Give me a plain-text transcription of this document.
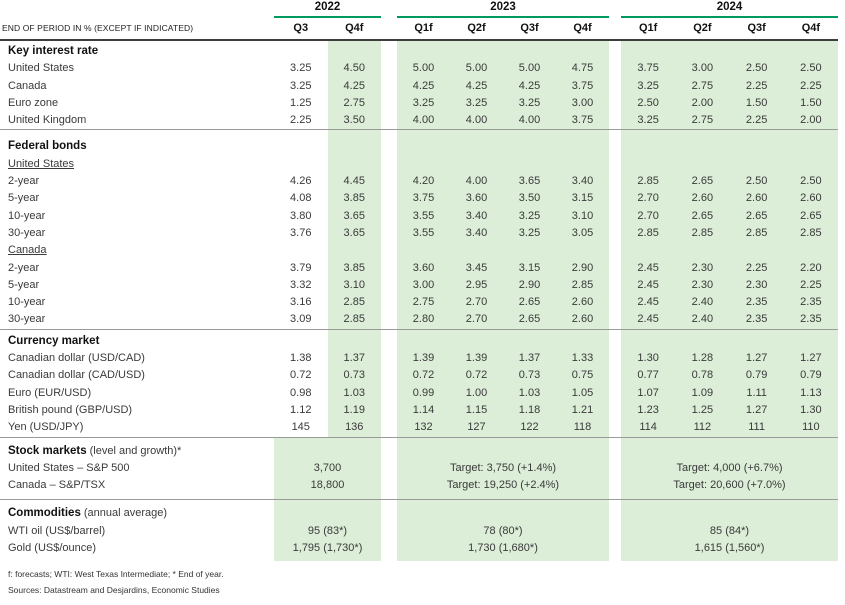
2022	2023	2024
END OF PERIOD IN % (EXCEPT IF INDICATED)	Q3	Q4f	Q1f	Q2f	Q3f	Q4f	Q1f	Q2f	Q3f	Q4f
Key interest rate
United States	3.25	4.50	5.00	5.00	5.00	4.75	3.75	3.00	2.50	2.50
Canada	3.25	4.25	4.25	4.25	4.25	3.75	3.25	2.75	2.25	2.25
Euro zone	1.25	2.75	3.25	3.25	3.25	3.00	2.50	2.00	1.50	1.50
United Kingdom	2.25	3.50	4.00	4.00	4.00	3.75	3.25	2.75	2.25	2.00
Federal bonds
United States
2-year	4.26	4.45	4.20	4.00	3.65	3.40	2.85	2.65	2.50	2.50
5-year	4.08	3.85	3.75	3.60	3.50	3.15	2.70	2.60	2.60	2.60
10-year	3.80	3.65	3.55	3.40	3.25	3.10	2.70	2.65	2.65	2.65
30-year	3.76	3.65	3.55	3.40	3.25	3.05	2.85	2.85	2.85	2.85
Canada
2-year	3.79	3.85	3.60	3.45	3.15	2.90	2.45	2.30	2.25	2.20
5-year	3.32	3.10	3.00	2.95	2.90	2.85	2.45	2.30	2.30	2.25
10-year	3.16	2.85	2.75	2.70	2.65	2.60	2.45	2.40	2.35	2.35
30-year	3.09	2.85	2.80	2.70	2.65	2.60	2.45	2.40	2.35	2.35
Currency market
Canadian dollar (USD/CAD)	1.38	1.37	1.39	1.39	1.37	1.33	1.30	1.28	1.27	1.27
Canadian dollar (CAD/USD)	0.72	0.73	0.72	0.72	0.73	0.75	0.77	0.78	0.79	0.79
Euro (EUR/USD)	0.98	1.03	0.99	1.00	1.03	1.05	1.07	1.09	1.11	1.13
British pound (GBP/USD)	1.12	1.19	1.14	1.15	1.18	1.21	1.23	1.25	1.27	1.30
Yen (USD/JPY)	145	136	132	127	122	118	114	112	111	110
Stock markets (level and growth)*
United States – S&P 500	3,700	Target: 3,750 (+1.4%)	Target: 4,000 (+6.7%)
Canada – S&P/TSX	18,800	Target: 19,250 (+2.4%)	Target: 20,600 (+7.0%)
Commodities (annual average)
WTI oil (US$/barrel)	95 (83*)	78 (80*)	85 (84*)
Gold (US$/ounce)	1,795 (1,730*)	1,730 (1,680*)	1,615 (1,560*)
f: forecasts; WTI: West Texas Intermediate; * End of year.
Sources: Datastream and Desjardins, Economic Studies
